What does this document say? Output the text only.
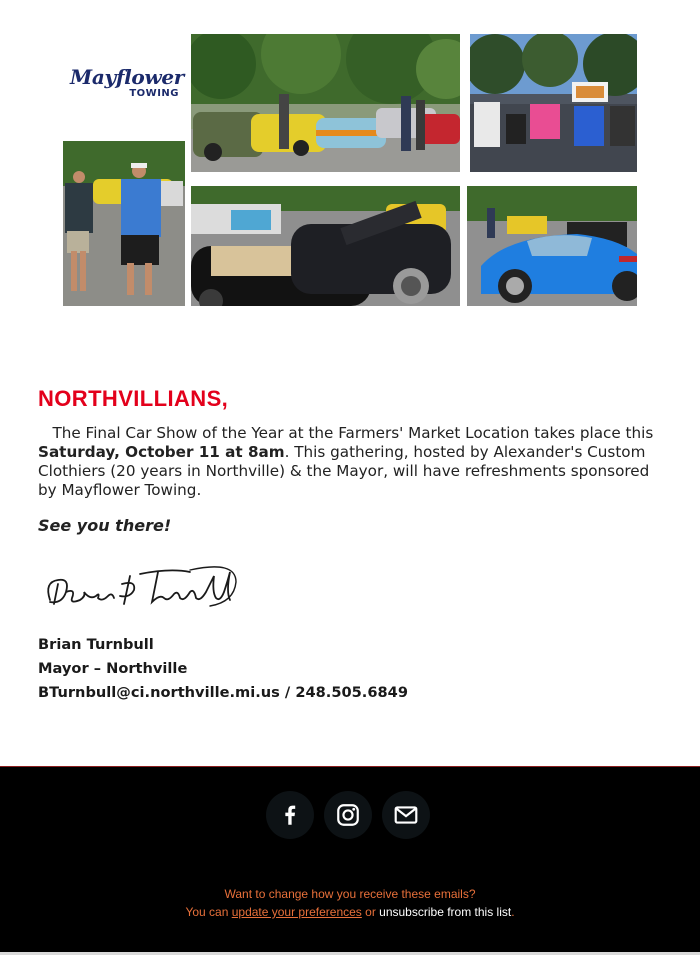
Mayflower
TOWING
NORTHVILLIANS,

The Final Car Show of the Year at the Farmers' Market Location takes place this Saturday, October 11 at 8am. This gathering, hosted by Alexander's Custom Clothiers (20 years in Northville) & the Mayor, will have refreshments sponsored by Mayflower Towing.

See you there!

Brian Turnbull
Mayor – Northville
BTurnbull@ci.northville.mi.us / 248.505.6849
Want to change how you receive these emails?
You can update your preferences or unsubscribe from this list.
